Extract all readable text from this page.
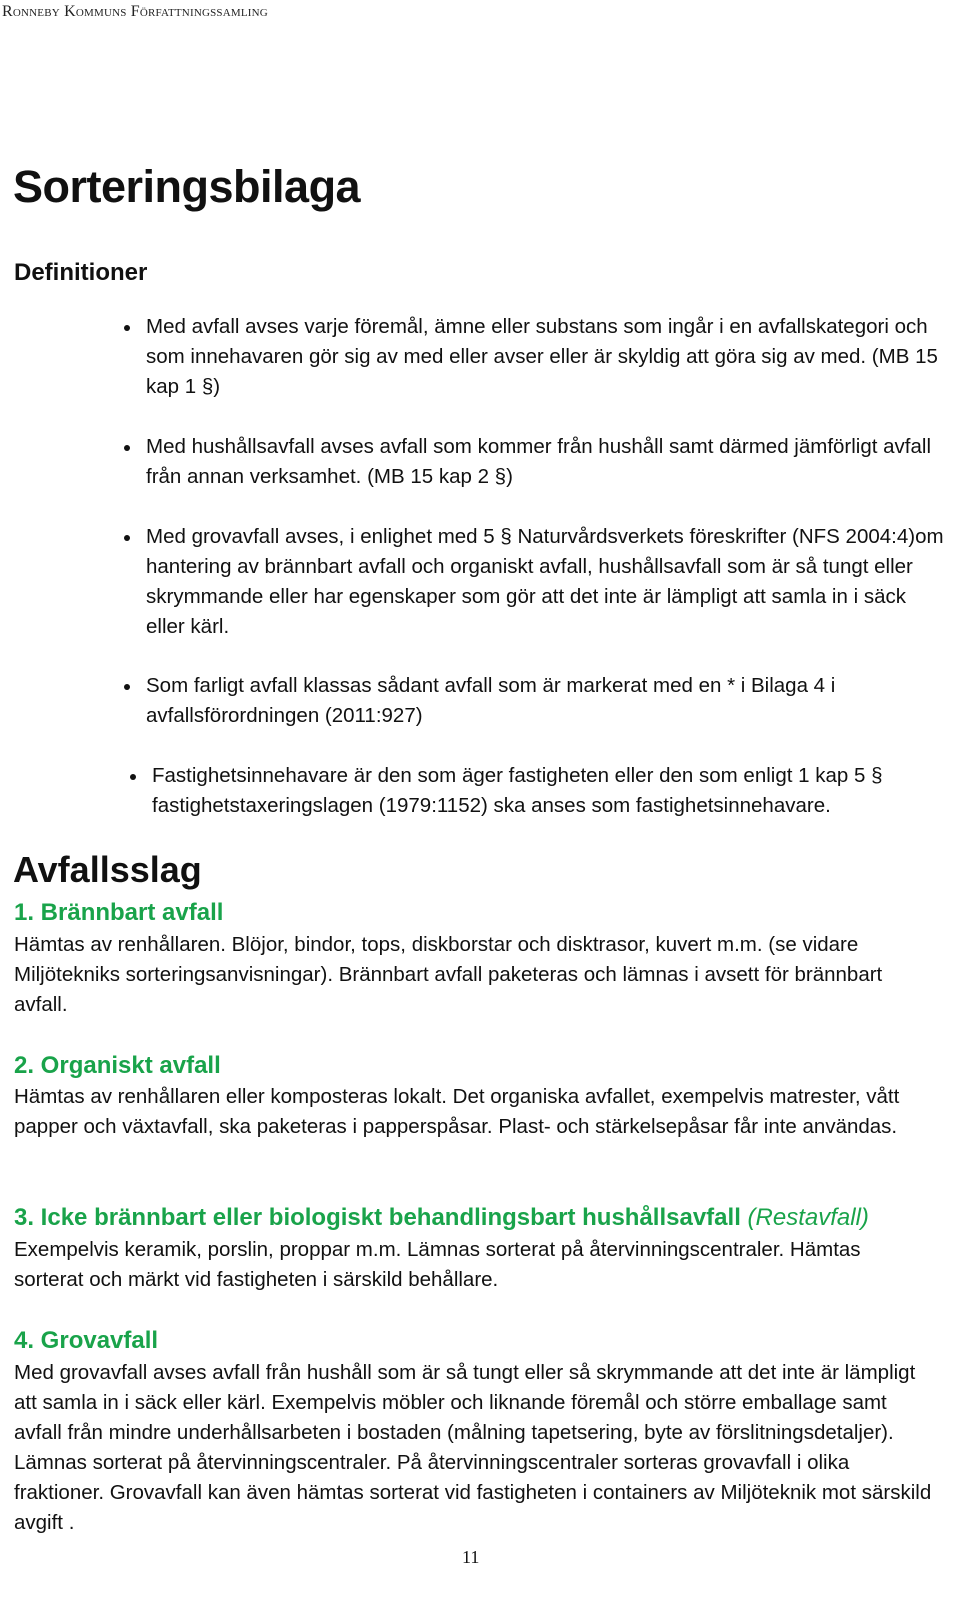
Ronneby Kommuns Författningssamling
Sorteringsbilaga
Definitioner
Med avfall avses varje föremål, ämne eller substans som ingår i en avfallskategori och som innehavaren gör sig av med eller avser eller är skyldig att göra sig av med. (MB 15 kap 1 §)
Med hushållsavfall avses avfall som kommer från hushåll samt därmed jämförligt avfall från annan verksamhet. (MB 15 kap 2 §)
Med grovavfall avses, i enlighet med 5 § Naturvårdsverkets föreskrifter (NFS 2004:4)om hantering av brännbart avfall och organiskt avfall, hushållsavfall som är så tungt eller skrymmande eller har egenskaper som gör att det inte är lämpligt att samla in i säck eller kärl.
Som farligt avfall klassas sådant avfall som är markerat med en * i Bilaga 4 i avfallsförordningen (2011:927)
Fastighetsinnehavare är den som äger fastigheten eller den som enligt 1 kap 5 § fastighetstaxeringslagen (1979:1152) ska anses som fastighetsinnehavare.
Avfallsslag
1. Brännbart avfall
Hämtas av renhållaren. Blöjor, bindor, tops, diskborstar och disktrasor, kuvert m.m. (se vidare Miljötekniks sorteringsanvisningar). Brännbart avfall paketeras och lämnas i avsett för brännbart avfall.
2. Organiskt avfall
Hämtas av renhållaren eller komposteras lokalt. Det organiska avfallet, exempelvis matrester, vått papper och växtavfall, ska paketeras i papperspåsar. Plast- och stärkelsepåsar får inte användas.
3. Icke brännbart eller biologiskt behandlingsbart hushållsavfall (Restavfall)
Exempelvis keramik, porslin, proppar m.m. Lämnas sorterat på återvinningscentraler. Hämtas sorterat och märkt vid fastigheten i särskild behållare.
4. Grovavfall
Med grovavfall avses avfall från hushåll som är så tungt eller så skrymmande att det inte är lämpligt att samla in i säck eller kärl. Exempelvis möbler och liknande föremål och större emballage samt avfall från mindre underhållsarbeten i bostaden (målning tapetsering, byte av förslitningsdetaljer). Lämnas sorterat på återvinningscentraler. På återvinningscentraler sorteras grovavfall i olika fraktioner. Grovavfall kan även hämtas sorterat vid fastigheten i containers av Miljöteknik mot särskild avgift .
11
